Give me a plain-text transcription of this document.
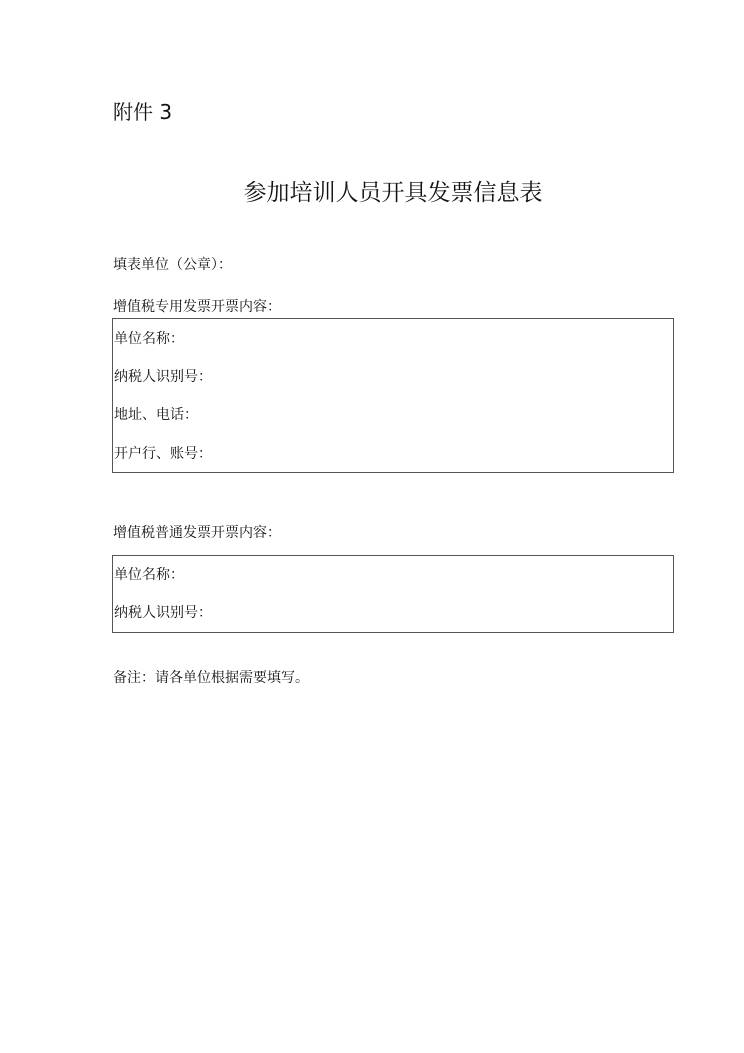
附件 3
参加培训人员开具发票信息表
填表单位（公章）：
增值税专用发票开票内容：
单位名称：
纳税人识别号：
地址、电话：
开户行、账号：
增值税普通发票开票内容：
单位名称：
纳税人识别号：
备注：请各单位根据需要填写。
